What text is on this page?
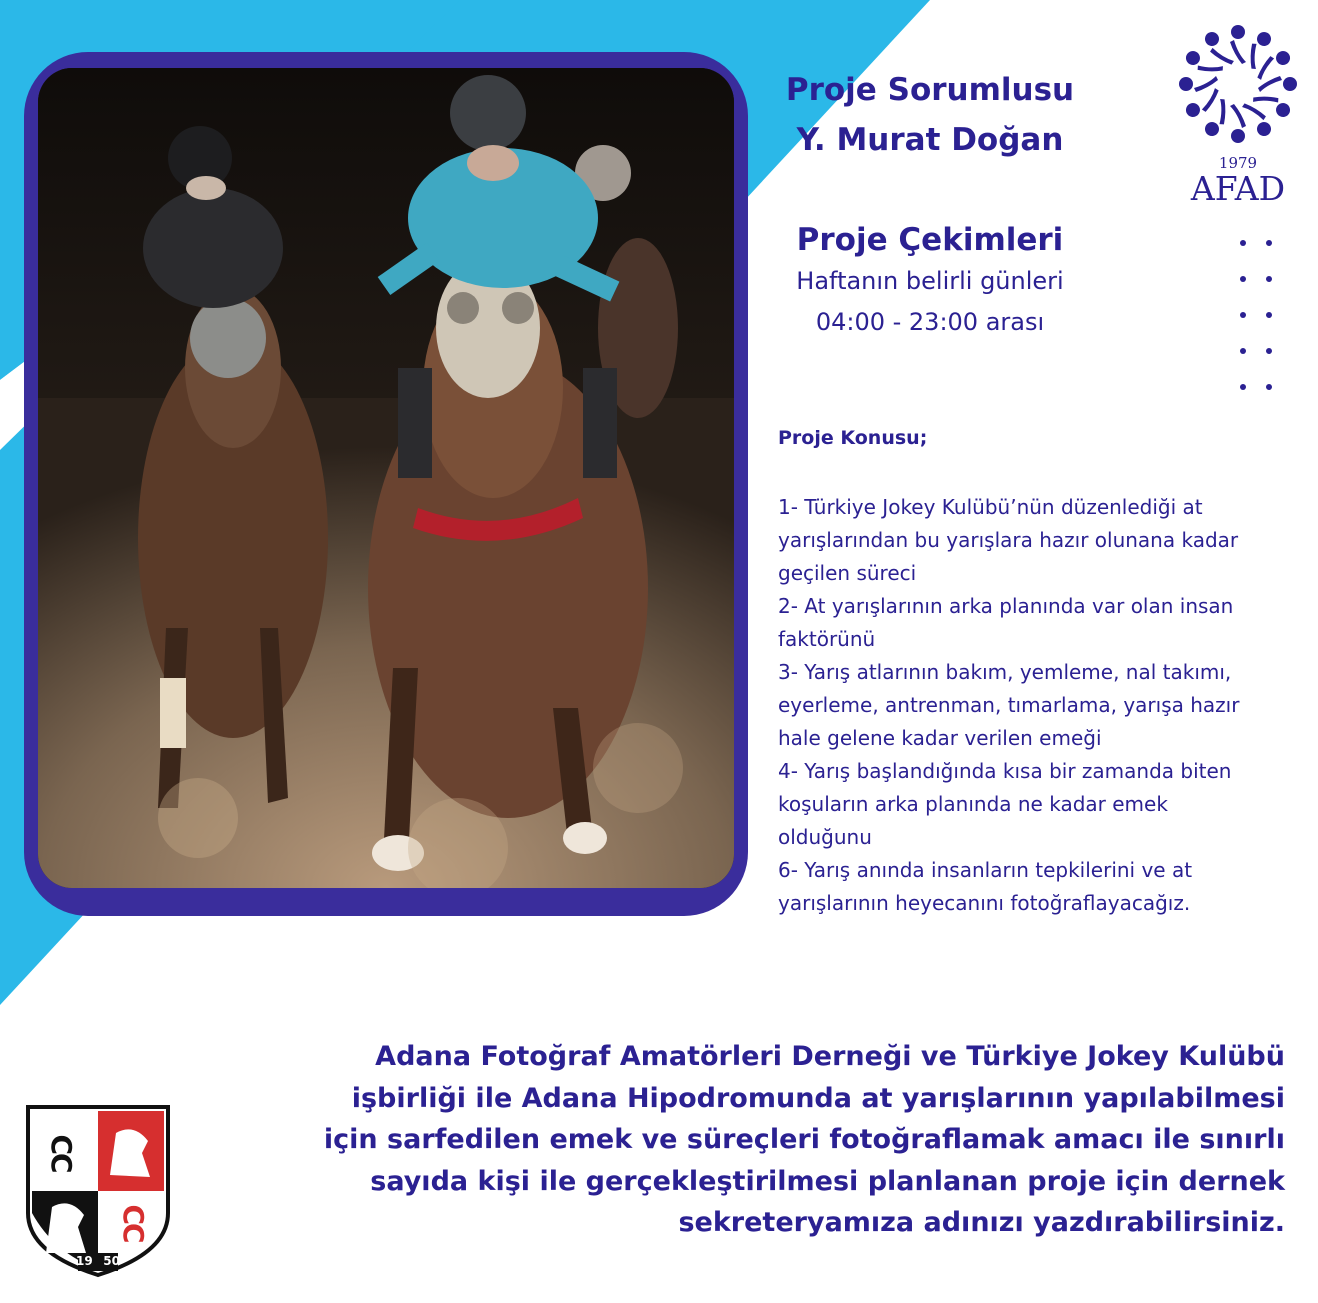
Proje Sorumlusu
Y. Murat Doğan
Proje Çekimleri
Haftanın belirli günleri
04:00 - 23:00 arası
1979
AFAD
Proje Konusu;
1- Türkiye Jokey Kulübü’nün düzenlediği at
yarışlarından bu yarışlara hazır olunana kadar
geçilen süreci
2- At yarışlarının arka planında var olan insan
faktörünü
3- Yarış atlarının bakım, yemleme, nal takımı,
eyerleme, antrenman, tımarlama, yarışa hazır
hale gelene kadar verilen emeği
4- Yarış başlandığında kısa bir zamanda biten
koşuların arka planında ne kadar emek
olduğunu
6- Yarış anında insanların tepkilerini ve at
yarışlarının heyecanını fotoğraflayacağız.
Adana Fotoğraf Amatörleri Derneği ve Türkiye Jokey Kulübü
işbirliği ile Adana Hipodromunda at yarışlarının yapılabilmesi
için sarfedilen emek ve süreçleri fotoğraflamak amacı ile sınırlı
sayıda kişi ile gerçekleştirilmesi planlanan proje için dernek
sekreteryamıza adınızı yazdırabilirsiniz.
CC
CC
19 50
